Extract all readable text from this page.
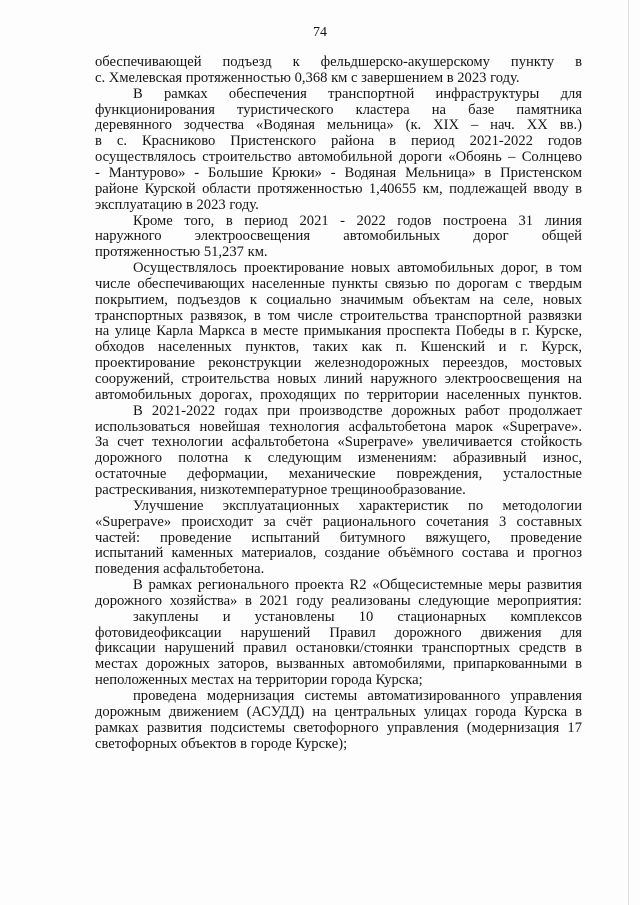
74
обеспечивающей подъезд к фельдшерско-акушерскому пункту в
с. Хмелевская протяженностью 0,368 км с завершением в 2023 году.
В рамках обеспечения транспортной инфраструктуры для
функционирования туристического кластера на базе памятника
деревянного зодчества «Водяная мельница» (к. XIX – нач. XX вв.)
в с. Красниково Пристенского района в период 2021-2022 годов
осуществлялось строительство автомобильной дороги «Обоянь – Солнцево
- Мантурово» - Большие Крюки» - Водяная Мельница» в Пристенском
районе Курской области протяженностью 1,40655 км, подлежащей вводу в
эксплуатацию в 2023 году.
Кроме того, в период 2021 - 2022 годов построена 31 линия
наружного электроосвещения автомобильных дорог общей
протяженностью 51,237 км.
Осуществлялось проектирование новых автомобильных дорог, в том
числе обеспечивающих населенные пункты связью по дорогам с твердым
покрытием, подъездов к социально значимым объектам на селе, новых
транспортных развязок, в том числе строительства транспортной развязки
на улице Карла Маркса в месте примыкания проспекта Победы в г. Курске,
обходов населенных пунктов, таких как п. Кшенский и г. Курск,
проектирование реконструкции железнодорожных переездов, мостовых
сооружений, строительства новых линий наружного электроосвещения на
автомобильных дорогах, проходящих по территории населенных пунктов.
В 2021-2022 годах при производстве дорожных работ продолжает
использоваться новейшая технология асфальтобетона марок «Superpave».
За счет технологии асфальтобетона «Superpave» увеличивается стойкость
дорожного полотна к следующим изменениям: абразивный износ,
остаточные деформации, механические повреждения, усталостные
растрескивания, низкотемпературное трещинообразование.
Улучшение эксплуатационных характеристик по методологии
«Superpave» происходит за счёт рационального сочетания 3 составных
частей: проведение испытаний битумного вяжущего, проведение
испытаний каменных материалов, создание объёмного состава и прогноз
поведения асфальтобетона.
В рамках регионального проекта R2 «Общесистемные меры развития
дорожного хозяйства» в 2021 году реализованы следующие мероприятия:
закуплены и установлены 10 стационарных комплексов
фотовидеофиксации нарушений Правил дорожного движения для
фиксации нарушений правил остановки/стоянки транспортных средств в
местах дорожных заторов, вызванных автомобилями, припаркованными в
неположенных местах на территории города Курска;
проведена модернизация системы автоматизированного управления
дорожным движением (АСУДД) на центральных улицах города Курска в
рамках развития подсистемы светофорного управления (модернизация 17
светофорных объектов в городе Курске);
